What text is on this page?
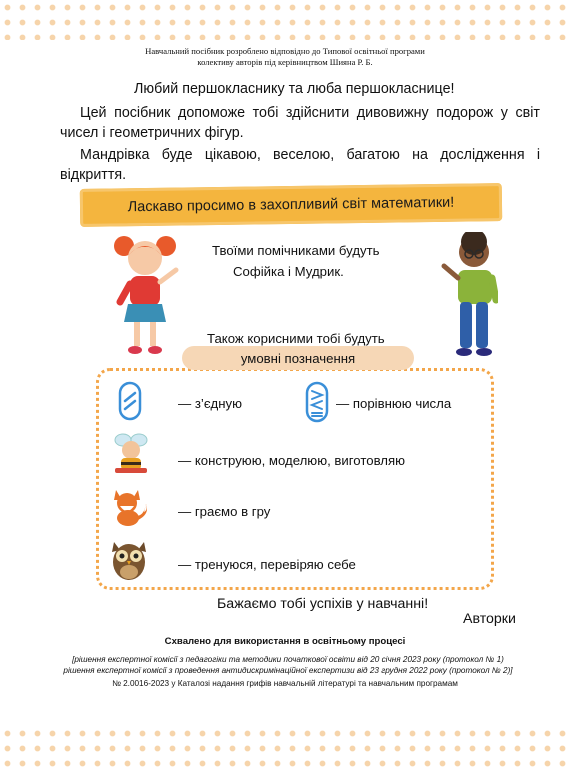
Навчальний посібник розроблено відповідно до Типової освітньої програми
колективу авторів під керівництвом Шияна Р. Б.
Любий першокласнику та люба першокласнице!
Цей посібник допоможе тобі здійснити дивовижну подорож у світ чисел і геометричних фігур.
Мандрівка буде цікавою, веселою, багатою на дослідження і відкриття.
Ласкаво просимо в захопливий світ математики!
Твоїми помічниками будуть
Софійка і Мудрик.
Також корисними тобі будуть
умовні позначення
— з’єдную	— порівнюю числа
— конструюю, моделюю, виготовляю
— граємо в гру
— тренуюся, перевіряю себе
Бажаємо тобі успіхів у навчанні!
Авторки
Схвалено для використання в освітньому процесі
[рішення експертної комісії з педагогіки та методики початкової освіти від 20 січня 2023 року (протокол № 1)
рішення експертної комісії з проведення антидискримінаційної експертизи від 23 грудня 2022 року (протокол № 2)]
№ 2.0016-2023 у Каталозі надання грифів навчальній літературі та навчальним програмам
